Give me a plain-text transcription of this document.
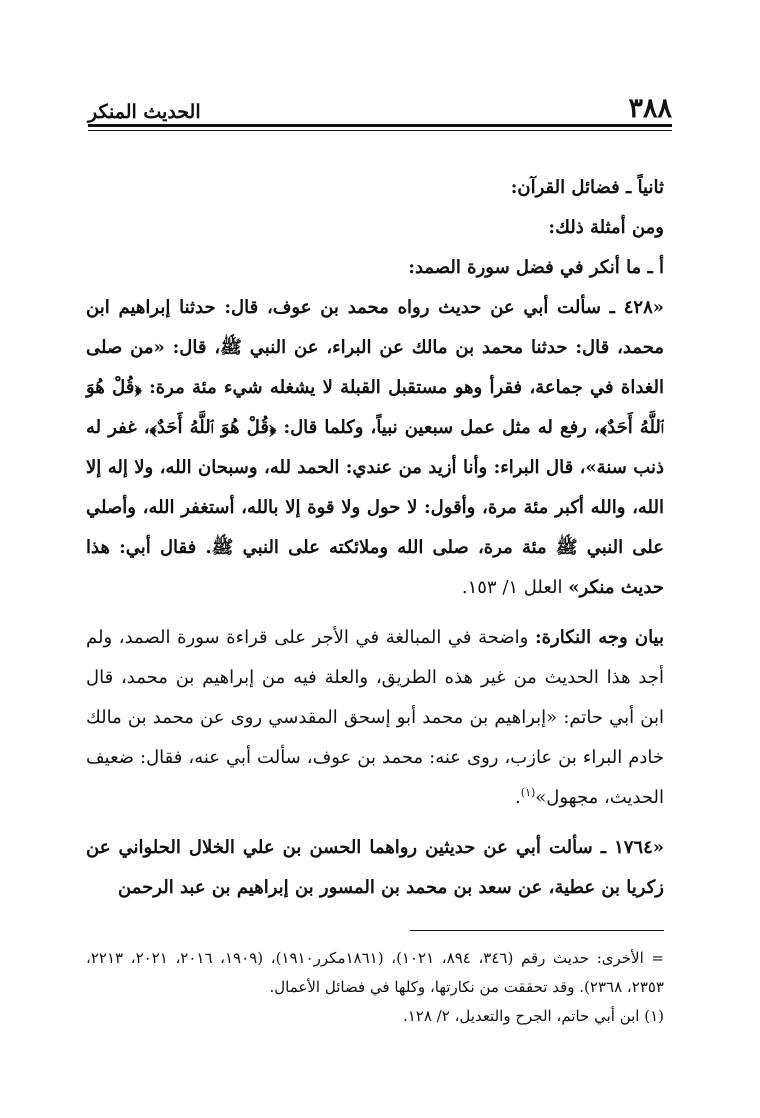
٣٨٨
الحديث المنكر

ثانياً ـ فضائل القرآن:

ومن أمثلة ذلك:

أ ـ ما أنكر في فضل سورة الصمد:

«٤٢٨ ـ سألت أبي عن حديث رواه محمد بن عوف، قال: حدثنا إبراهيم ابن محمد، قال: حدثنا محمد بن مالك عن البراء، عن النبي ﷺ، قال: «من صلى الغداة في جماعة، فقرأ وهو مستقبل القبلة لا يشغله شيء مئة مرة: ﴿قُلْ هُوَ ٱللَّهُ أَحَدٌ﴾، رفع له مثل عمل سبعين نبياً، وكلما قال: ﴿قُلْ هُوَ ٱللَّهُ أَحَدٌ﴾، غفر له ذنب سنة»، قال البراء: وأنا أزيد من عندي: الحمد لله، وسبحان الله، ولا إله إلا الله، والله أكبر مئة مرة، وأقول: لا حول ولا قوة إلا بالله، أستغفر الله، وأصلي على النبي ﷺ مئة مرة، صلى الله وملائكته على النبي ﷺ. فقال أبي: هذا حديث منكر» العلل ١/ ١٥٣.

بيان وجه النكارة: واضحة في المبالغة في الأجر على قراءة سورة الصمد، ولم أجد هذا الحديث من غير هذه الطريق، والعلة فيه من إبراهيم بن محمد، قال ابن أبي حاتم: «إبراهيم بن محمد أبو إسحق المقدسي روى عن محمد بن مالك خادم البراء بن عازب، روى عنه: محمد بن عوف، سألت أبي عنه، فقال: ضعيف الحديث، مجهول»$^{(١)}$.

«١٧٦٤ ـ سألت أبي عن حديثين رواهما الحسن بن علي الخلال الحلواني عن زكريا بن عطية، عن سعد بن محمد بن المسور بن إبراهيم بن عبد الرحمن

= الأخرى: حديث رقم (٣٤٦، ٨٩٤، ١٠٢١)، (١٨٦١مكرر١٩١٠)، (١٩٠٩، ٢٠١٦، ٢٠٢١، ٢٢١٣، ٢٣٥٣، ٢٣٦٨). وقد تحققت من نكارتها، وكلها في فضائل الأعمال.

(١) ابن أبي حاتم، الجرح والتعديل، ٢/ ١٢٨.
